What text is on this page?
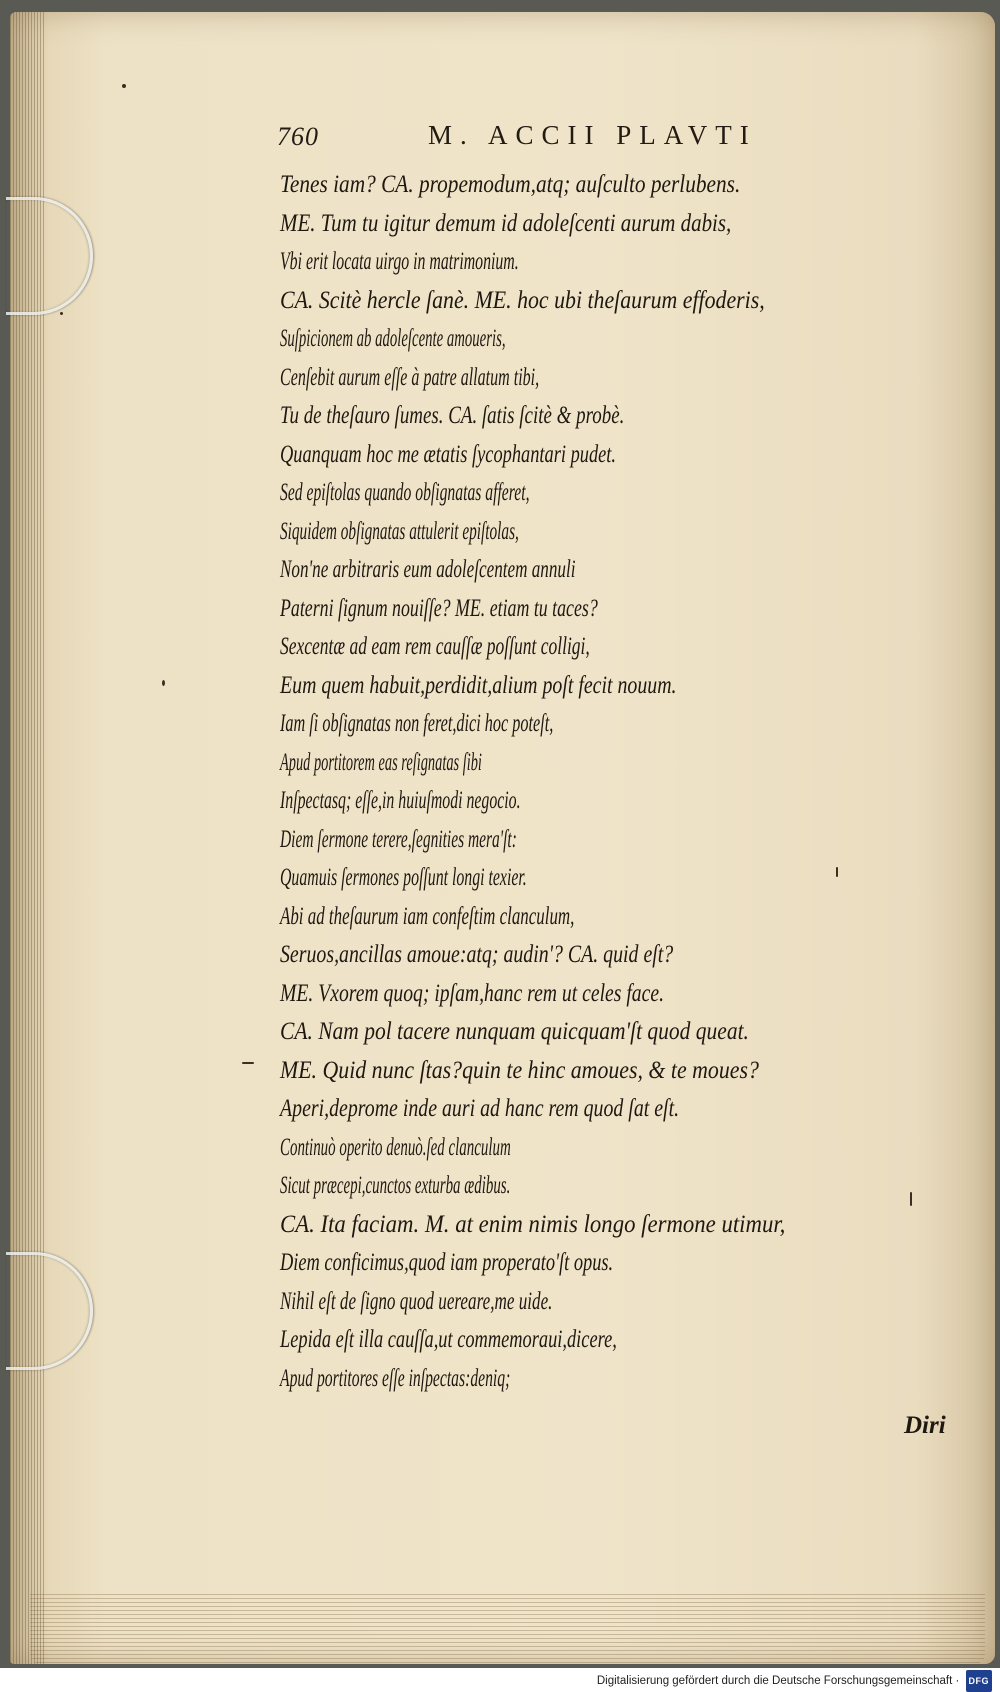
760	M. ACCII PLAVTI
Tenes iam? CA. propemodum,atq; auſculto perlubens.
ME. Tum tu igitur demum id adoleſcenti aurum dabis,
Vbi erit locata uirgo in matrimonium.
CA. Scitè hercle ſanè. ME. hoc ubi theſaurum effoderis,
Suſpicionem ab adoleſcente amoueris,
Cenſebit aurum eſſe à patre allatum tibi,
Tu de theſauro ſumes. CA. ſatis ſcitè & probè.
Quanquam hoc me ætatis ſycophantari pudet.
Sed epiſtolas quando obſignatas afferet,
Siquidem obſignatas attulerit epiſtolas,
Non'ne arbitraris eum adoleſcentem annuli
Paterni ſignum nouiſſe? ME. etiam tu taces?
Sexcentæ ad eam rem cauſſæ poſſunt colligi,
Eum quem habuit,perdidit,alium poſt fecit nouum.
Iam ſi obſignatas non feret,dici hoc poteſt,
Apud portitorem eas reſignatas ſibi
Inſpectasq; eſſe,in huiuſmodi negocio.
Diem ſermone terere,ſegnities mera'ſt:
Quamuis ſermones poſſunt longi texier.
Abi ad theſaurum iam confeſtim clanculum,
Seruos,ancillas amoue:atq; audin'? CA. quid eſt?
ME. Vxorem quoq; ipſam,hanc rem ut celes face.
CA. Nam pol tacere nunquam quicquam'ſt quod queat.
ME. Quid nunc ſtas?quin te hinc amoues, & te moues?
Aperi,deprome inde auri ad hanc rem quod ſat eſt.
Continuò operito denuò.ſed clanculum
Sicut præcepi,cunctos exturba ædibus.
CA. Ita faciam. M. at enim nimis longo ſermone utimur,
Diem conficimus,quod iam properato'ſt opus.
Nihil eſt de ſigno quod uereare,me uide.
Lepida eſt illa cauſſa,ut commemoraui,dicere,
Apud portitores eſſe inſpectas:deniq;
Diri
Digitalisierung gefördert durch die Deutsche Forschungsgemeinschaft · DFG
